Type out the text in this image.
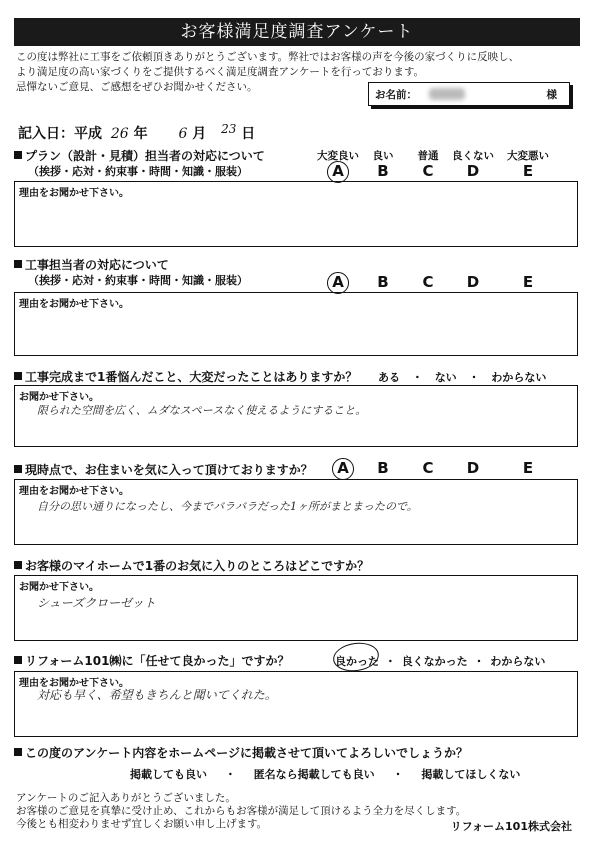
お客様満足度調査アンケート
この度は弊社に工事をご依頼頂きありがとうございます。弊社ではお客様の声を今後の家づくりに反映し、
より満足度の高い家づくりをご提供するべく満足度調査アンケートを行っております。
忌憚ないご意見、ご感想をぜひお聞かせください。
お名前：	様
記入日：平成 26 年 6 月 23 日
プラン（設計・見積）担当者の対応について
（挨拶・応対・約束事・時間・知識・服装）
大変良い	良い	普通	良くない	大変悪い
A	B	C	D	E
理由をお聞かせ下さい。
工事担当者の対応について
（挨拶・応対・約束事・時間・知識・服装）	A	B	C	D	E
理由をお聞かせ下さい。
工事完成まで1番悩んだこと、大変だったことはありますか？ ある ・ ない ・ わからない
お聞かせ下さい。
限られた空間を広く、ムダなスペースなく使えるようにすること。
現時点で、お住まいを気に入って頂けておりますか？	A	B	C	D	E
理由をお聞かせ下さい。
自分の思い通りになったし、今までバラバラだった1ヶ所がまとまったので。
お客様のマイホームで1番のお気に入りのところはどこですか？
お聞かせ下さい。
シューズクローゼット
リフォーム101㈱に「任せて良かった」ですか？	良かった ・ 良くなかった ・ わからない
理由をお聞かせ下さい。
対応も早く、希望もきちんと聞いてくれた。
この度のアンケート内容をホームページに掲載させて頂いてよろしいでしょうか？
掲載しても良い ・ 匿名なら掲載しても良い ・ 掲載してほしくない
アンケートのご記入ありがとうございました。
お客様のご意見を真摯に受け止め、これからもお客様が満足して頂けるよう全力を尽くします。
今後とも相変わりませず宜しくお願い申し上げます。	リフォーム101株式会社
